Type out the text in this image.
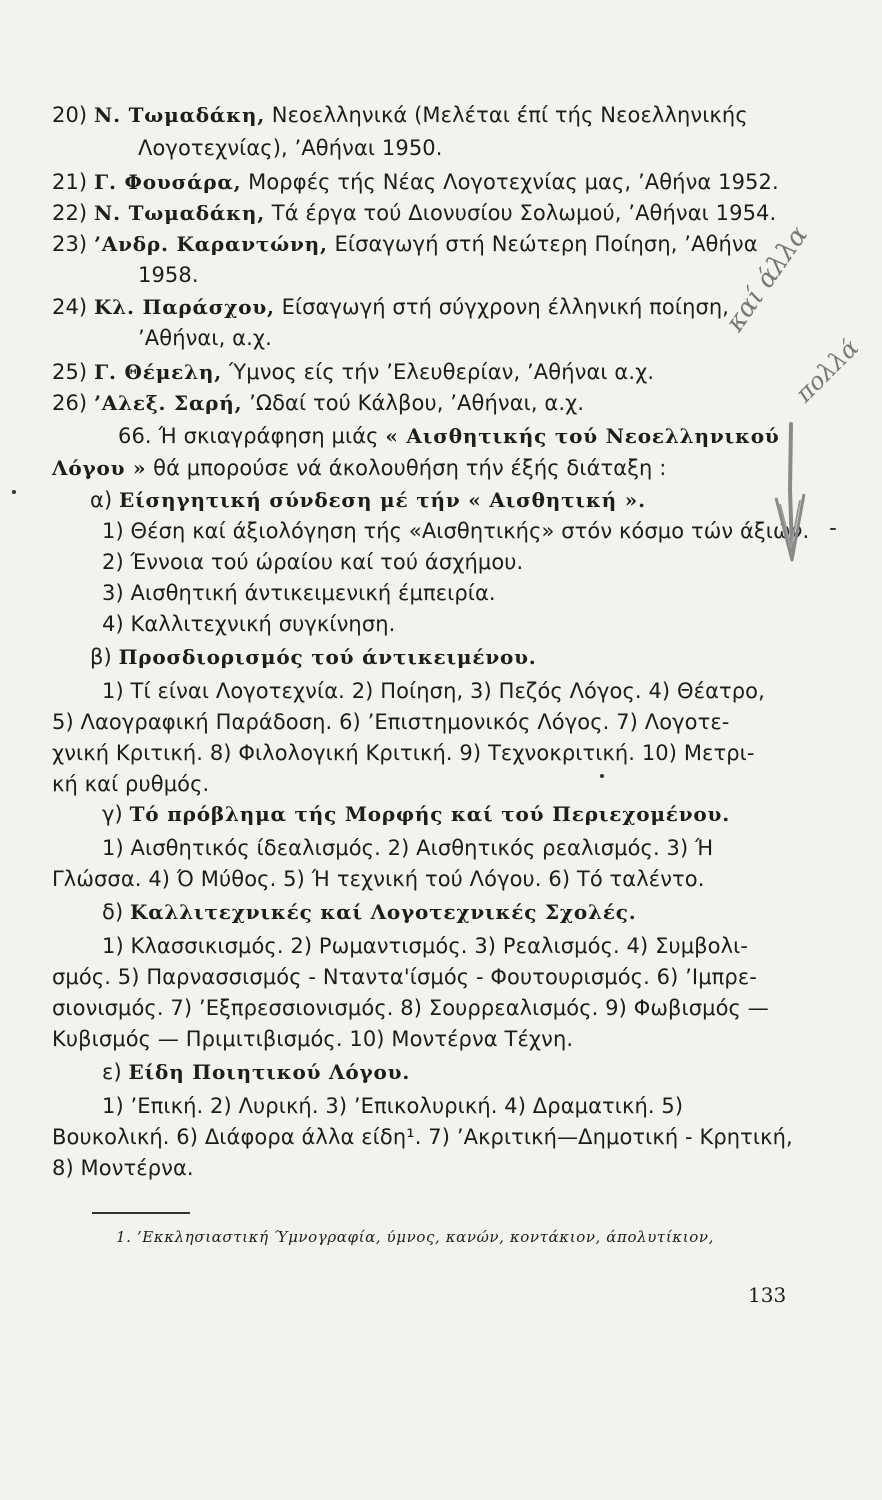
20) Ν. Τωμαδάκη, Νεοελληνικά (Μελέται έπί τής Νεοελληνικής
Λογοτεχνίας), ’Αθήναι 1950.
21) Γ. Φουσάρα, Μορφές τής Νέας Λογοτεχνίας μας, ’Αθήνα 1952.
22) Ν. Τωμαδάκη, Τά έργα τού Διονυσίου Σολωμού, ’Αθήναι 1954.
23) ’Ανδρ. Καραντώνη, Είσαγωγή στή Νεώτερη Ποίηση, ’Αθήνα
1958.
24) Κλ. Παράσχου, Είσαγωγή στή σύγχρονη έλληνική ποίηση,
’Αθήναι, α.χ.
25) Γ. Θέμελη, Ύμνος είς τήν ’Ελευθερίαν, ’Αθήναι α.χ.
26) ’Αλεξ. Σαρή, ’Ωδαί τού Κάλβου, ’Αθήναι, α.χ.
66. Ή σκιαγράφηση μιάς « Αισθητικής τού Νεοελληνικού
Λόγου » θά μπορούσε νά άκολουθήση τήν έξής διάταξη :
α) Είσηγητική σύνδεση μέ τήν « Αισθητική ».
1) Θέση καί άξιολόγηση τής «Αισθητικής» στόν κόσμο τών άξιών.
2) Έννοια τού ώραίου καί τού άσχήμου.
3) Αισθητική άντικειμενική έμπειρία.
4) Καλλιτεχνική συγκίνηση.
β) Προσδιορισμός τού άντικειμένου.
1) Τί είναι Λογοτεχνία. 2) Ποίηση, 3) Πεζός Λόγος. 4) Θέατρο,
5) Λαογραφική Παράδοση. 6) ’Επιστημονικός Λόγος. 7) Λογοτε-
χνική Κριτική. 8) Φιλολογική Κριτική. 9) Τεχνοκριτική. 10) Μετρι-
κή καί ρυθμός.
γ) Τό πρόβλημα τής Μορφής καί τού Περιεχομένου.
1) Αισθητικός ίδεαλισμός. 2) Αισθητικός ρεαλισμός. 3) Ή
Γλώσσα. 4) Ό Μύθος. 5) Ή τεχνική τού Λόγου. 6) Τό ταλέντο.
δ) Καλλιτεχνικές καί Λογοτεχνικές Σχολές.
1) Κλασσικισμός. 2) Ρωμαντισμός. 3) Ρεαλισμός. 4) Συμβολι-
σμός. 5) Παρνασσισμός - Νταντα'ίσμός - Φουτουρισμός. 6) ’Ιμπρε-
σιονισμός. 7) ’Εξπρεσσιονισμός. 8) Σουρρεαλισμός. 9) Φωβισμός —
Κυβισμός — Πριμιτιβισμός. 10) Μοντέρνα Τέχνη.
ε) Είδη Ποιητικού Λόγου.
1) ’Επική. 2) Λυρική. 3) ’Επικολυρική. 4) Δραματική. 5)
Βουκολική. 6) Διάφορα άλλα είδη¹. 7) ’Ακριτική—Δημοτική - Κρητική,
8) Μοντέρνα.
1. ’Εκκλησιαστική Ύμνογραφία, ύμνος, κανών, κοντάκιον, άπολυτίκιον,
133
καί άλλα
πολλά
